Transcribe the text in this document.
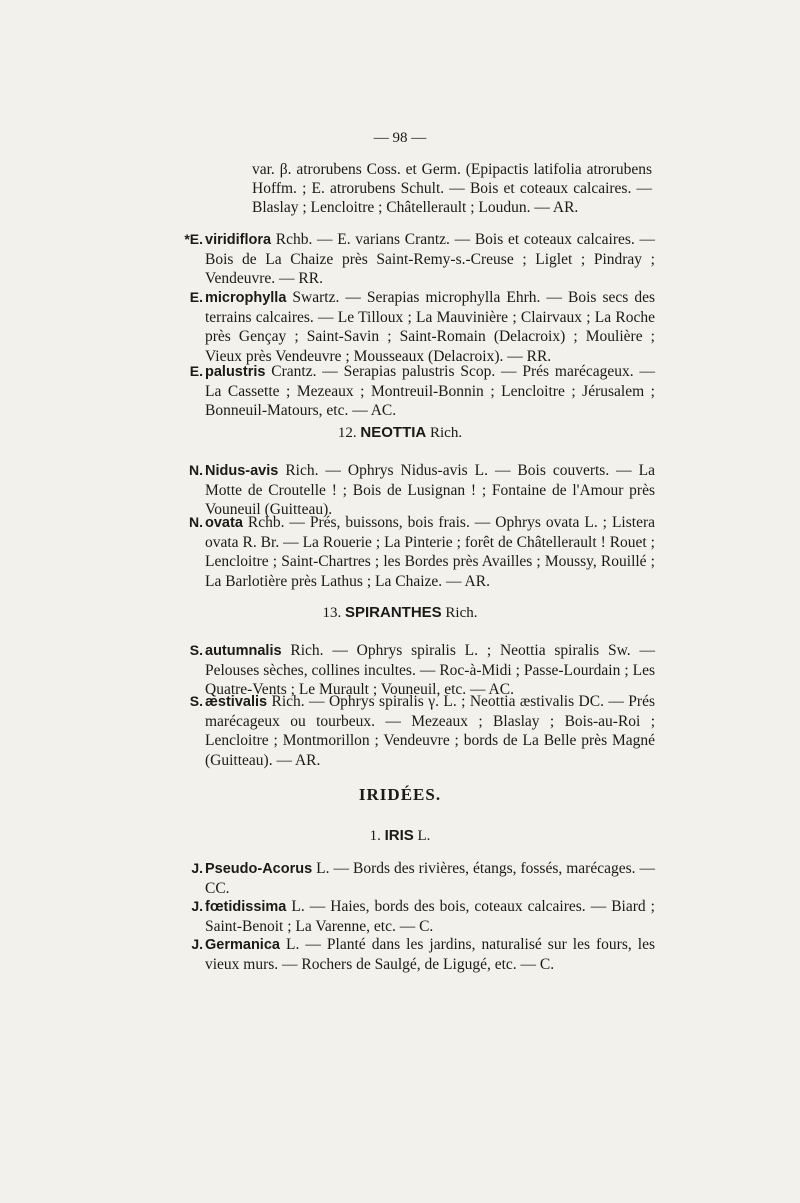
— 98 —
var. β. atrorubens Coss. et Germ. (Epipactis latifolia atrorubens Hoffm. ; E. atrorubens Schult. — Bois et coteaux calcaires. — Blaslay ; Lencloitre ; Châtellerault ; Loudun. — AR.
*E. viridiflora Rchb. — E. varians Crantz. — Bois et coteaux calcaires. — Bois de La Chaize près Saint-Remy-s.-Creuse ; Liglet ; Pindray ; Vendeuvre. — RR.
E. microphylla Swartz. — Serapias microphylla Ehrh. — Bois secs des terrains calcaires. — Le Tilloux ; La Mauvinière ; Clairvaux ; La Roche près Gençay ; Saint-Savin ; Saint-Romain (Delacroix) ; Moulière ; Vieux près Vendeuvre ; Mousseaux (Delacroix). — RR.
E. palustris Crantz. — Serapias palustris Scop. — Prés marécageux. — La Cassette ; Mezeaux ; Montreuil-Bonnin ; Lencloitre ; Jérusalem ; Bonneuil-Matours, etc. — AC.
12. NEOTTIA Rich.
N. Nidus-avis Rich. — Ophrys Nidus-avis L. — Bois couverts. — La Motte de Croutelle ! ; Bois de Lusignan ! ; Fontaine de l'Amour près Vouneuil (Guitteau).
N. ovata Rchb. — Prés, buissons, bois frais. — Ophrys ovata L. ; Listera ovata R. Br. — La Rouerie ; La Pinterie ; forêt de Châtellerault ! Rouet ; Lencloitre ; Saint-Chartres ; les Bordes près Availles ; Moussy, Rouillé ; La Barlotière près Lathus ; La Chaize. — AR.
13. SPIRANTHES Rich.
S. autumnalis Rich. — Ophrys spiralis L. ; Neottia spiralis Sw. — Pelouses sèches, collines incultes. — Roc-à-Midi ; Passe-Lourdain ; Les Quatre-Vents ; Le Murault ; Vouneuil, etc. — AC.
S. æstivalis Rich. — Ophrys spiralis γ. L. ; Neottia æstivalis DC. — Prés marécageux ou tourbeux. — Mezeaux ; Blaslay ; Bois-au-Roi ; Lencloitre ; Montmorillon ; Vendeuvre ; bords de La Belle près Magné (Guitteau). — AR.
IRIDÉES.
1. IRIS L.
J. Pseudo-Acorus L. — Bords des rivières, étangs, fossés, marécages. — CC.
J. fœtidissima L. — Haies, bords des bois, coteaux calcaires. — Biard ; Saint-Benoit ; La Varenne, etc. — C.
J. Germanica L. — Planté dans les jardins, naturalisé sur les fours, les vieux murs. — Rochers de Saulgé, de Ligugé, etc. — C.
